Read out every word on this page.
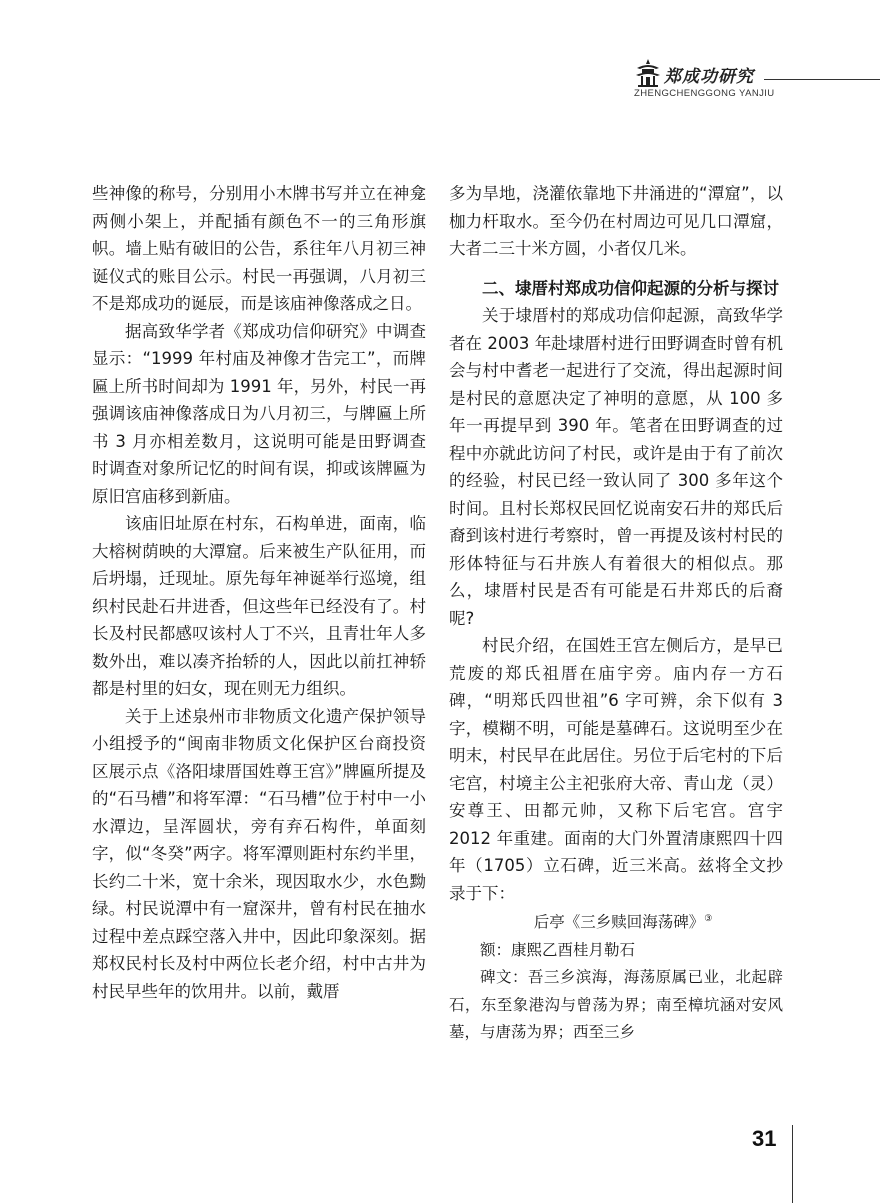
郑成功研究
ZHENGCHENGGONG YANJIU

些神像的称号，分别用小木牌书写并立在神龛两侧小架上，并配插有颜色不一的三角形旗帜。墙上贴有破旧的公告，系往年八月初三神诞仪式的账目公示。村民一再强调，八月初三不是郑成功的诞辰，而是该庙神像落成之日。

据高致华学者《郑成功信仰研究》中调查显示：“1999 年村庙及神像才告完工”，而牌匾上所书时间却为 1991 年，另外，村民一再强调该庙神像落成日为八月初三，与牌匾上所书 3 月亦相差数月，这说明可能是田野调查时调查对象所记忆的时间有误，抑或该牌匾为原旧宫庙移到新庙。

该庙旧址原在村东，石构单进，面南，临大榕树荫映的大潭窟。后来被生产队征用，而后坍塌，迁现址。原先每年神诞举行巡境，组织村民赴石井进香，但这些年已经没有了。村长及村民都感叹该村人丁不兴，且青壮年人多数外出，难以凑齐抬轿的人，因此以前扛神轿都是村里的妇女，现在则无力组织。

关于上述泉州市非物质文化遗产保护领导小组授予的“闽南非物质文化保护区台商投资区展示点《洛阳埭厝国姓尊王宫》”牌匾所提及的“石马槽”和将军潭：“石马槽”位于村中一小水潭边，呈浑圆状，旁有弃石构件，单面刻字，似“冬癸”两字。将军潭则距村东约半里，长约二十米，宽十余米，现因取水少，水色黝绿。村民说潭中有一窟深井，曾有村民在抽水过程中差点踩空落入井中，因此印象深刻。据郑权民村长及村中两位长老介绍，村中古井为村民早些年的饮用井。以前，戴厝

多为旱地，浇灌依靠地下井涌进的“潭窟”，以枷力杆取水。至今仍在村周边可见几口潭窟，大者二三十米方圆，小者仅几米。

二、埭厝村郑成功信仰起源的分析与探讨

关于埭厝村的郑成功信仰起源，高致华学者在 2003 年赴埭厝村进行田野调查时曾有机会与村中耆老一起进行了交流，得出起源时间是村民的意愿决定了神明的意愿，从 100 多年一再提早到 390 年。笔者在田野调查的过程中亦就此访问了村民，或许是由于有了前次的经验，村民已经一致认同了 300 多年这个时间。且村长郑权民回忆说南安石井的郑氏后裔到该村进行考察时，曾一再提及该村村民的形体特征与石井族人有着很大的相似点。那么，埭厝村民是否有可能是石井郑氏的后裔呢?

村民介绍，在国姓王宫左侧后方，是早已荒废的郑氏祖厝在庙宇旁。庙内存一方石碑，“明郑氏四世祖”6 字可辨，余下似有 3 字，模糊不明，可能是墓碑石。这说明至少在明末，村民早在此居住。另位于后宅村的下后宅宫，村境主公主祀张府大帝、青山龙（灵）安尊王、田都元帅，又称下后宅宫。宫宇 2012 年重建。面南的大门外置清康熙四十四年（1705）立石碑，近三米高。兹将全文抄录于下：

后亭《三乡赎回海荡碑》③

额：康熙乙酉桂月勒石

碑文：吾三乡滨海，海荡原属已业，北起辟石，东至象港沟与曾荡为界；南至樟坑涵对安风墓，与唐荡为界；西至三乡

31
